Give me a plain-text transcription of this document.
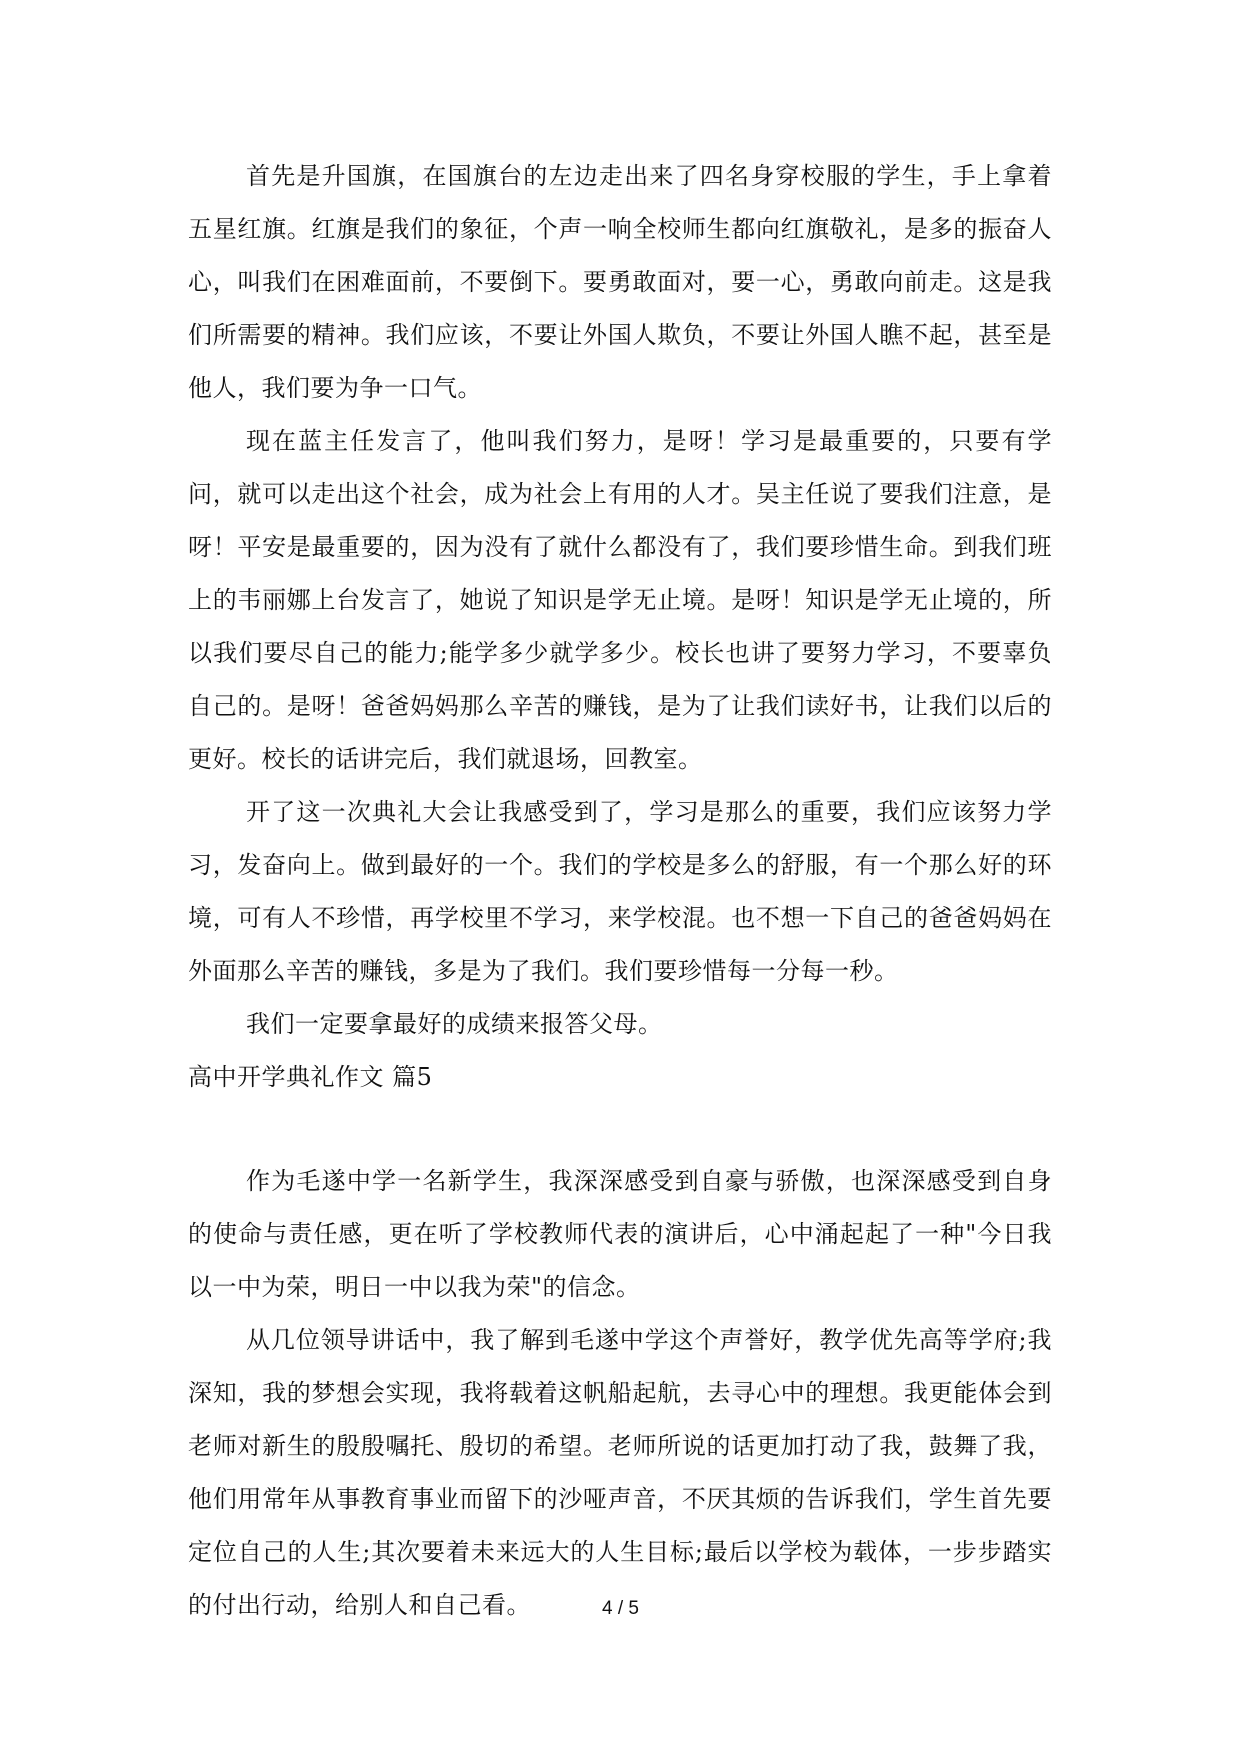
首先是升国旗，在国旗台的左边走出来了四名身穿校服的学生，手上拿着五星红旗。红旗是我们的象征，个声一响全校师生都向红旗敬礼，是多的振奋人心，叫我们在困难面前，不要倒下。要勇敢面对，要一心，勇敢向前走。这是我们所需要的精神。我们应该，不要让外国人欺负，不要让外国人瞧不起，甚至是他人，我们要为争一口气。

现在蓝主任发言了，他叫我们努力，是呀！学习是最重要的，只要有学问，就可以走出这个社会，成为社会上有用的人才。吴主任说了要我们注意，是呀！平安是最重要的，因为没有了就什么都没有了，我们要珍惜生命。到我们班上的韦丽娜上台发言了，她说了知识是学无止境。是呀！知识是学无止境的，所以我们要尽自己的能力;能学多少就学多少。校长也讲了要努力学习，不要辜负自己的。是呀！爸爸妈妈那么辛苦的赚钱，是为了让我们读好书，让我们以后的更好。校长的话讲完后，我们就退场，回教室。

开了这一次典礼大会让我感受到了，学习是那么的重要，我们应该努力学习，发奋向上。做到最好的一个。我们的学校是多么的舒服，有一个那么好的环境，可有人不珍惜，再学校里不学习，来学校混。也不想一下自己的爸爸妈妈在外面那么辛苦的赚钱，多是为了我们。我们要珍惜每一分每一秒。

我们一定要拿最好的成绩来报答父母。

高中开学典礼作文 篇5

作为毛遂中学一名新学生，我深深感受到自豪与骄傲，也深深感受到自身的使命与责任感，更在听了学校教师代表的演讲后，心中涌起起了一种"今日我以一中为荣，明日一中以我为荣"的信念。

从几位领导讲话中，我了解到毛遂中学这个声誉好，教学优先高等学府;我深知，我的梦想会实现，我将载着这帆船起航，去寻心中的理想。我更能体会到老师对新生的殷殷嘱托、殷切的希望。老师所说的话更加打动了我，鼓舞了我，他们用常年从事教育事业而留下的沙哑声音，不厌其烦的告诉我们，学生首先要定位自己的人生;其次要着未来远大的人生目标;最后以学校为载体，一步步踏实的付出行动，给别人和自己看。	4 / 5
